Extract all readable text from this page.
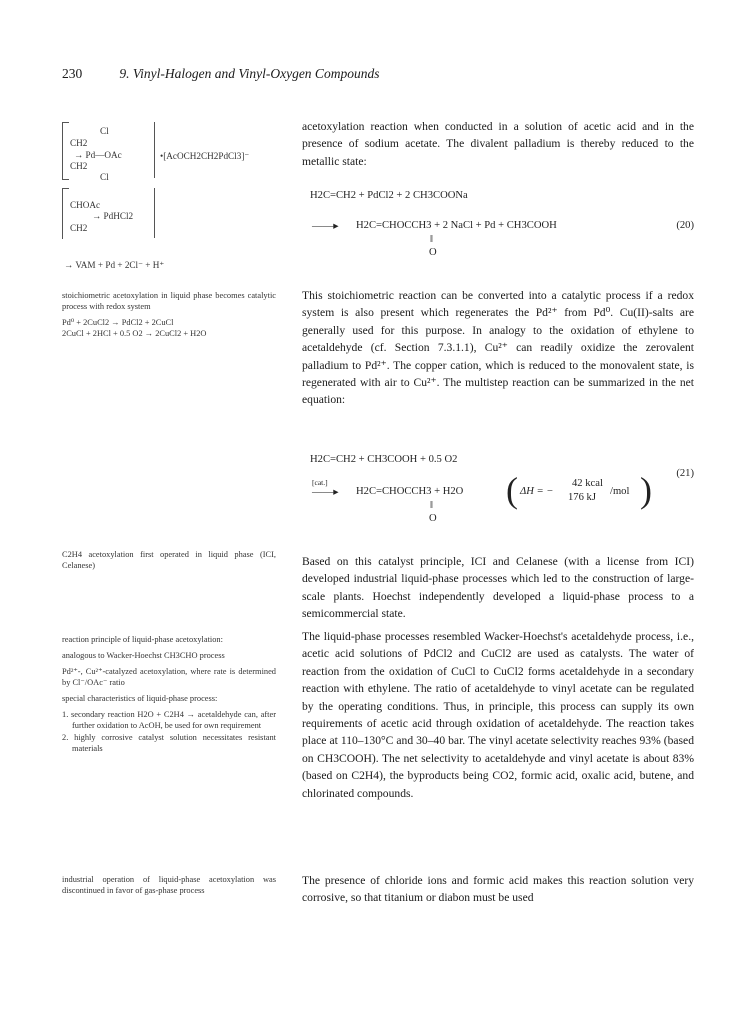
230	9. Vinyl-Halogen and Vinyl-Oxygen Compounds
Cl
CH2
→ Pd—OAc
CH2
Cl
•[AcOCH2CH2PdCl3]⁻
CHOAc
→ PdHCl2
CH2
→ VAM + Pd + 2Cl⁻ + H⁺

stoichiometric acetoxylation in liquid phase becomes catalytic process with redox system

Pd⁰ + 2CuCl2 → PdCl2 + 2CuCl
2CuCl + 2HCl + 0.5 O2 → 2CuCl2 + H2O

C2H4 acetoxylation first operated in liquid phase (ICI, Celanese)

reaction principle of liquid-phase acetoxylation:

analogous to Wacker-Hoechst CH3CHO process

Pd²⁺-, Cu²⁺-catalyzed acetoxylation, where rate is determined by Cl⁻/OAc⁻ ratio

special characteristics of liquid-phase process:

1. secondary reaction H2O + C2H4 → acetaldehyde can, after further oxidation to AcOH, be used for own requirement
2. highly corrosive catalyst solution necessitates resistant materials

industrial operation of liquid-phase acetoxylation was discontinued in favor of gas-phase process

acetoxylation reaction when conducted in a solution of acetic acid and in the presence of sodium acetate. The divalent palladium is thereby reduced to the metallic state:
H2C=CH2 + PdCl2 + 2 CH3COONa
——▸ H2C=CHOCCH3 + 2 NaCl + Pd + CH3COOH
‖
O
(20)
This stoichiometric reaction can be converted into a catalytic process if a redox system is also present which regenerates the Pd²⁺ from Pd⁰. Cu(II)-salts are generally used for this purpose. In analogy to the oxidation of ethylene to acetaldehyde (cf. Section 7.3.1.1), Cu²⁺ can readily oxidize the zerovalent palladium to Pd²⁺. The copper cation, which is reduced to the monovalent state, is regenerated with air to Cu²⁺. The multistep reaction can be summarized in the net equation:
H2C=CH2 + CH3COOH + 0.5 O2
(21)
[cat.]
——▸ H2C=CHOCCH3 + H2O
‖
O
( ΔH = −
42 kcal
176 kJ
/mol )
Based on this catalyst principle, ICI and Celanese (with a license from ICI) developed industrial liquid-phase processes which led to the construction of large-scale plants. Hoechst independently developed a liquid-phase process to a semicommercial state.
The liquid-phase processes resembled Wacker-Hoechst's acetaldehyde process, i.e., acetic acid solutions of PdCl2 and CuCl2 are used as catalysts. The water of reaction from the oxidation of CuCl to CuCl2 forms acetaldehyde in a secondary reaction with ethylene. The ratio of acetaldehyde to vinyl acetate can be regulated by the operating conditions. Thus, in principle, this process can supply its own requirements of acetic acid through oxidation of acetaldehyde. The reaction takes place at 110–130°C and 30–40 bar. The vinyl acetate selectivity reaches 93% (based on CH3COOH). The net selectivity to acetaldehyde and vinyl acetate is about 83% (based on C2H4), the byproducts being CO2, formic acid, oxalic acid, butene, and chlorinated compounds.
The presence of chloride ions and formic acid makes this reaction solution very corrosive, so that titanium or diabon must be used
